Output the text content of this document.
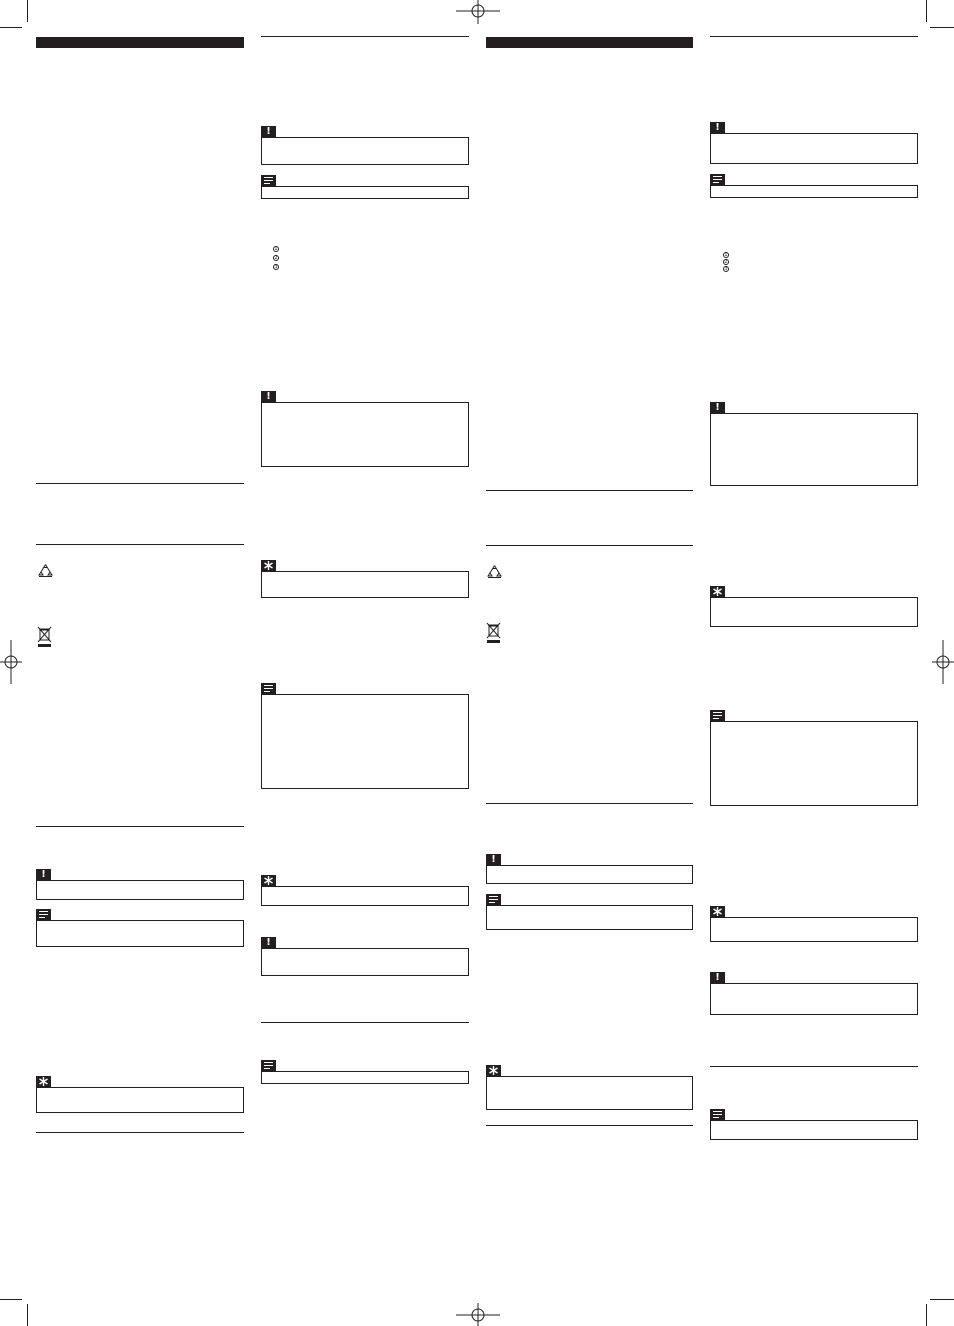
!
!
1
2
3
!
!
!
!
1
2
3
!
!
